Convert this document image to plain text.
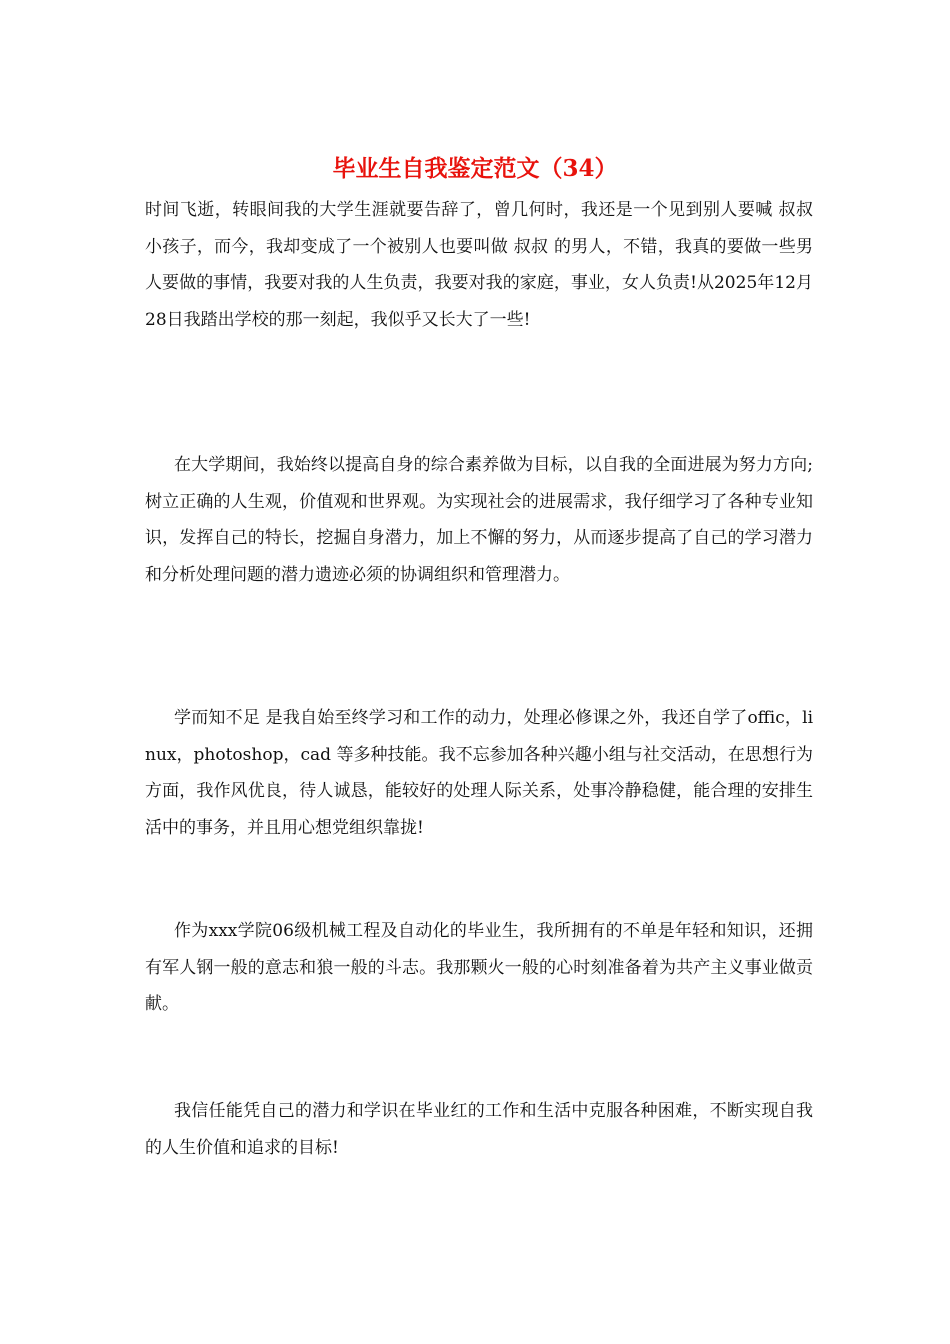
毕业生自我鉴定范文（34）

时间飞逝，转眼间我的大学生涯就要告辞了，曾几何时，我还是一个见到别人要喊 叔叔 小孩子，而今，我却变成了一个被别人也要叫做 叔叔 的男人，不错，我真的要做一些男人要做的事情，我要对我的人生负责，我要对我的家庭，事业，女人负责!从2025年12月28日我踏出学校的那一刻起，我似乎又长大了一些!

在大学期间，我始终以提高自身的综合素养做为目标，以自我的全面进展为努力方向;树立正确的人生观，价值观和世界观。为实现社会的进展需求，我仔细学习了各种专业知识，发挥自己的特长，挖掘自身潜力，加上不懈的努力，从而逐步提高了自己的学习潜力和分析处理问题的潜力遗迹必须的协调组织和管理潜力。

学而知不足 是我自始至终学习和工作的动力，处理必修课之外，我还自学了offic，linux，photoshop，cad 等多种技能。我不忘参加各种兴趣小组与社交活动，在思想行为方面，我作风优良，待人诚恳，能较好的处理人际关系，处事冷静稳健，能合理的安排生活中的事务，并且用心想党组织靠拢!

作为xxx学院06级机械工程及自动化的毕业生，我所拥有的不单是年轻和知识，还拥有军人钢一般的意志和狼一般的斗志。我那颗火一般的心时刻准备着为共产主义事业做贡献。

我信任能凭自己的潜力和学识在毕业红的工作和生活中克服各种困难，不断实现自我的人生价值和追求的目标!
